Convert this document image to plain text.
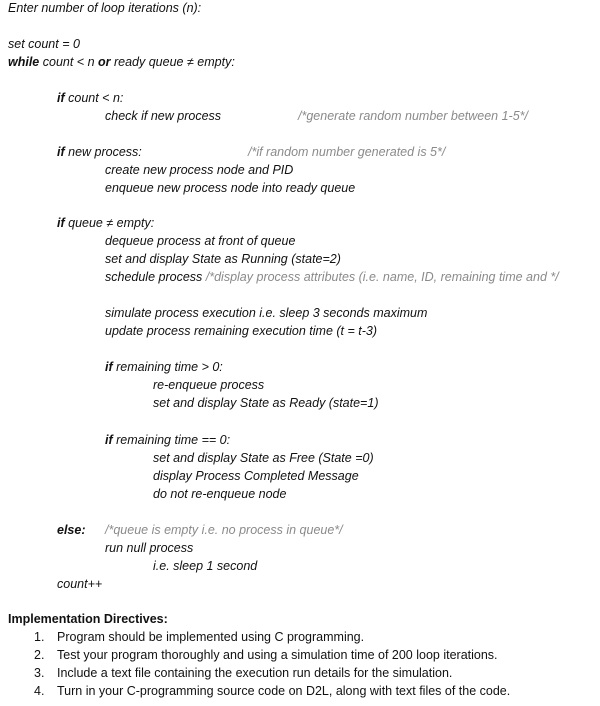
Enter number of loop iterations (n):
set count = 0
while count < n or ready queue ≠ empty:
if count < n:
check if new process	/*generate random number between 1-5*/
if new process:	/*if random number generated is 5*/
create new process node and PID
enqueue new process node into ready queue
if queue ≠ empty:
dequeue process at front of queue
set and display State as Running (state=2)
schedule process /*display process attributes (i.e. name, ID, remaining time and */
simulate process execution i.e. sleep 3 seconds maximum
update process remaining execution time (t = t-3)
if remaining time > 0:
re-enqueue process
set and display State as Ready (state=1)
if remaining time == 0:
set and display State as Free (State =0)
display Process Completed Message
do not re-enqueue node
else: /*queue is empty i.e. no process in queue*/
run null process
i.e. sleep 1 second
count++
Implementation Directives:
1. Program should be implemented using C programming.
2. Test your program thoroughly and using a simulation time of 200 loop iterations.
3. Include a text file containing the execution run details for the simulation.
4. Turn in your C-programming source code on D2L, along with text files of the code.
